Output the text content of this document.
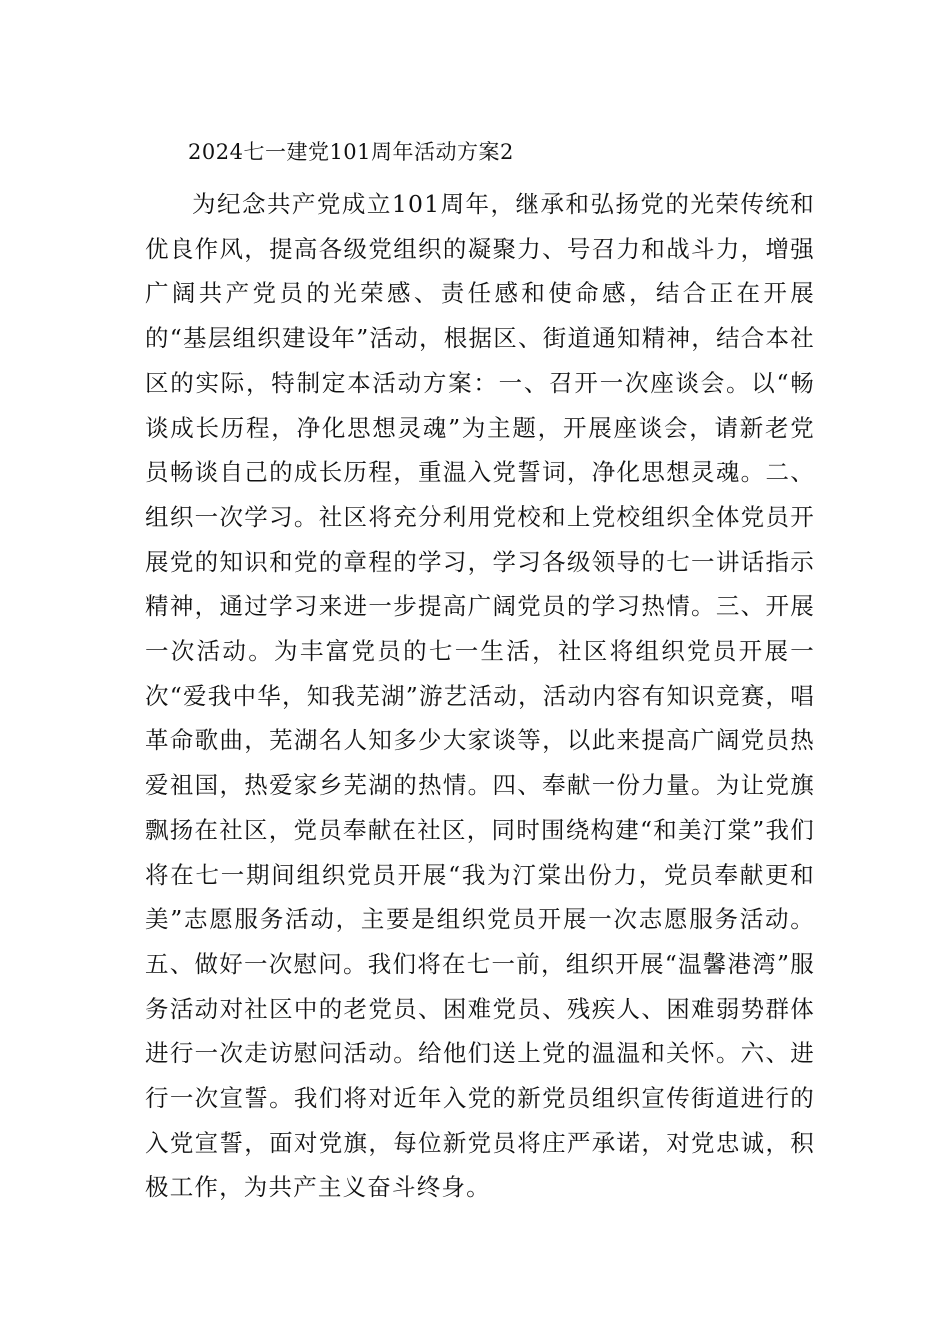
2024七一建党101周年活动方案2

为纪念共产党成立101周年，继承和弘扬党的光荣传统和优良作风，提高各级党组织的凝聚力、号召力和战斗力，增强广阔共产党员的光荣感、责任感和使命感，结合正在开展的“基层组织建设年”活动，根据区、街道通知精神，结合本社区的实际，特制定本活动方案：一、召开一次座谈会。以“畅谈成长历程，净化思想灵魂”为主题，开展座谈会，请新老党员畅谈自己的成长历程，重温入党誓词，净化思想灵魂。二、组织一次学习。社区将充分利用党校和上党校组织全体党员开展党的知识和党的章程的学习，学习各级领导的七一讲话指示精神，通过学习来进一步提高广阔党员的学习热情。三、开展一次活动。为丰富党员的七一生活，社区将组织党员开展一次“爱我中华，知我芜湖”游艺活动，活动内容有知识竞赛，唱革命歌曲，芜湖名人知多少大家谈等，以此来提高广阔党员热爱祖国，热爱家乡芜湖的热情。四、奉献一份力量。为让党旗飘扬在社区，党员奉献在社区，同时围绕构建“和美汀棠”我们将在七一期间组织党员开展“我为汀棠出份力，党员奉献更和美”志愿服务活动，主要是组织党员开展一次志愿服务活动。五、做好一次慰问。我们将在七一前，组织开展“温馨港湾”服务活动对社区中的老党员、困难党员、残疾人、困难弱势群体进行一次走访慰问活动。给他们送上党的温温和关怀。六、进行一次宣誓。我们将对近年入党的新党员组织宣传街道进行的入党宣誓，面对党旗，每位新党员将庄严承诺，对党忠诚，积极工作，为共产主义奋斗终身。
